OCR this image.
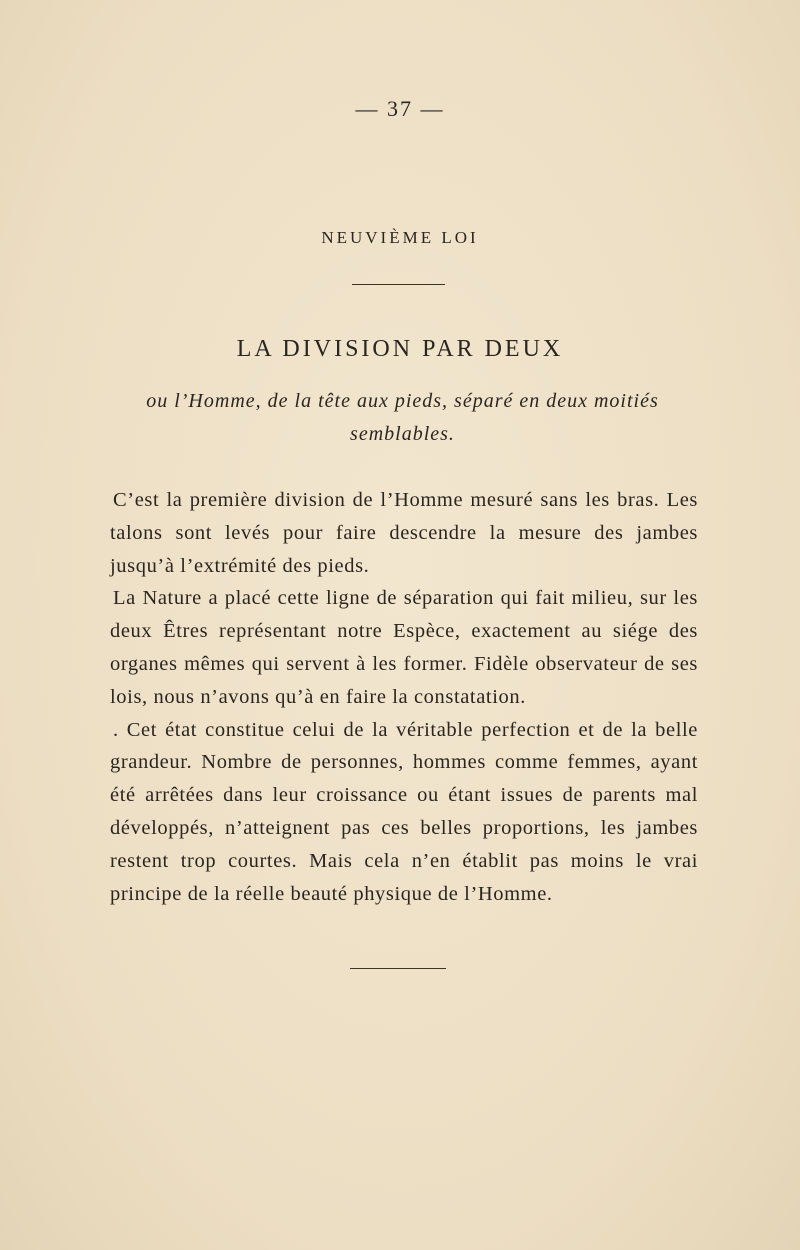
— 37 —
NEUVIÈME LOI
LA DIVISION PAR DEUX
ou l’Homme, de la tête aux pieds, séparé en deux moitiés semblables.

C’est la première division de l’Homme mesuré sans les bras. Les talons sont levés pour faire descendre la mesure des jambes jusqu’à l’extrémité des pieds.

La Nature a placé cette ligne de séparation qui fait milieu, sur les deux Êtres représentant notre Espèce, exactement au siége des organes mêmes qui servent à les former. Fidèle observateur de ses lois, nous n’avons qu’à en faire la constatation.

. Cet état constitue celui de la véritable perfection et de la belle grandeur. Nombre de personnes, hommes comme femmes, ayant été arrêtées dans leur croissance ou étant issues de parents mal développés, n’atteignent pas ces belles proportions, les jambes restent trop courtes. Mais cela n’en établit pas moins le vrai principe de la réelle beauté physique de l’Homme.
